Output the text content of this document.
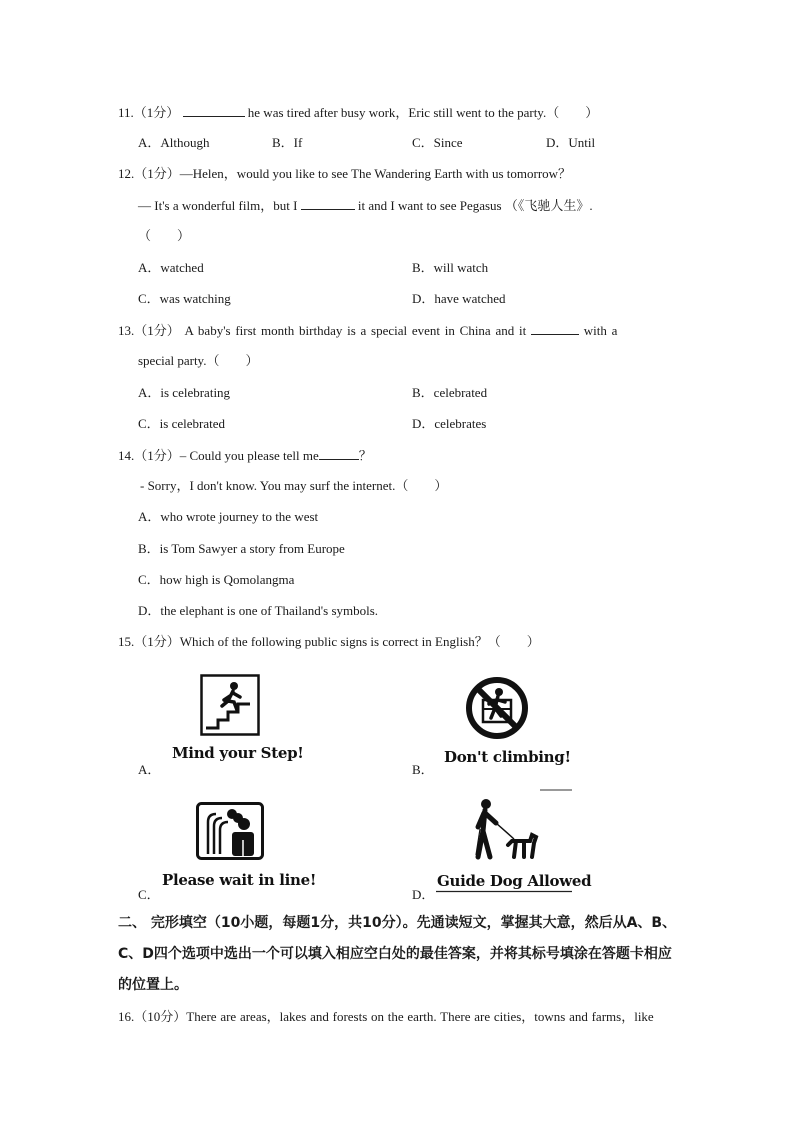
11.（1分）	he was tired after busy work，Eric still went to the party.（　　）
A．Although	B．If	C．Since	D．Until
12.（1分）—Helen，would you like to see The Wandering Earth with us tomorrow？
— It's a wonderful film，but I	it and I want to see Pegasus （《飞驰人生》.
（　　）
A．watched	B．will watch
C．was watching	D．have watched
13.（1分） A baby's first month birthday is a special event in China and it	with a
special party.（　　）
A．is celebrating	B．celebrated
C．is celebrated	D．celebrates
14.（1分）– Could you please tell me	？
- Sorry，I don't know. You may surf the internet.（　　）
A．who wrote journey to the west
B．is Tom Sawyer a story from Europe
C．how high is Qomolangma
D．the elephant is one of Thailand's symbols.
15.（1分）Which of the following public signs is correct in English？（　　）
A．
Mind your Step!
B．
Don't climbing!
C．
Please wait in line!
D．
Guide Dog Allowed
二、 完形填空（10小题，每题1分，共10分）。先通读短文，掌握其大意，然后从A、B、
C、D四个选项中选出一个可以填入相应空白处的最佳答案，并将其标号填涂在答题卡相应
的位置上。
16.（10分）There are areas，lakes and forests on the earth. There are cities，towns and farms，like
